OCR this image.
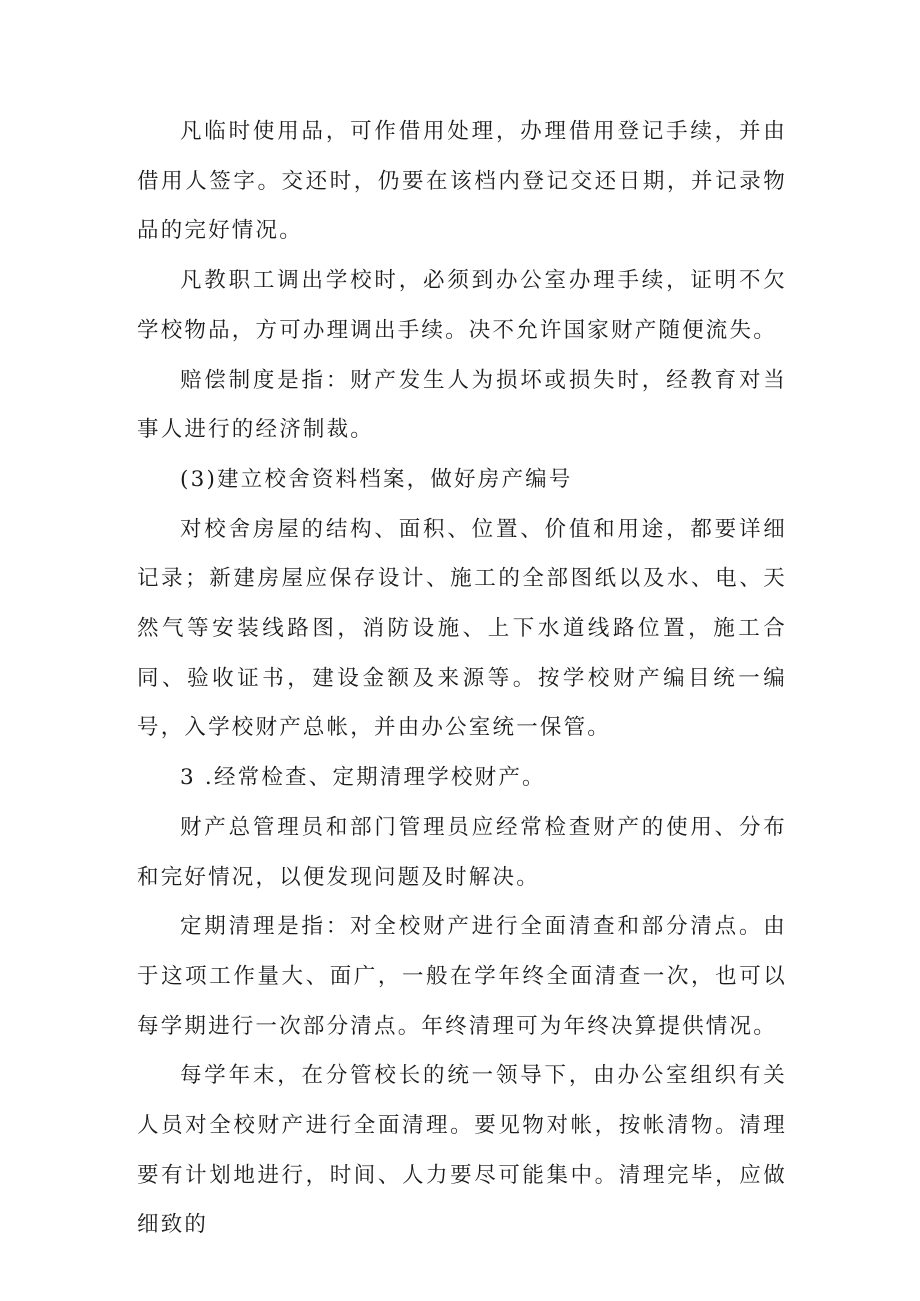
凡临时使用品，可作借用处理，办理借用登记手续，并由借用人签字。交还时，仍要在该档内登记交还日期，并记录物品的完好情况。

凡教职工调出学校时，必须到办公室办理手续，证明不欠学校物品，方可办理调出手续。决不允许国家财产随便流失。

赔偿制度是指：财产发生人为损坏或损失时，经教育对当事人进行的经济制裁。

(3)建立校舍资料档案，做好房产编号

对校舍房屋的结构、面积、位置、价值和用途，都要详细记录；新建房屋应保存设计、施工的全部图纸以及水、电、天然气等安装线路图，消防设施、上下水道线路位置，施工合同、验收证书，建设金额及来源等。按学校财产编目统一编号，入学校财产总帐，并由办公室统一保管。

3 .经常检查、定期清理学校财产。

财产总管理员和部门管理员应经常检查财产的使用、分布和完好情况，以便发现问题及时解决。

定期清理是指：对全校财产进行全面清查和部分清点。由于这项工作量大、面广，一般在学年终全面清查一次，也可以每学期进行一次部分清点。年终清理可为年终决算提供情况。

每学年末，在分管校长的统一领导下，由办公室组织有关人员对全校财产进行全面清理。要见物对帐，按帐清物。清理要有计划地进行，时间、人力要尽可能集中。清理完毕，应做细致的
